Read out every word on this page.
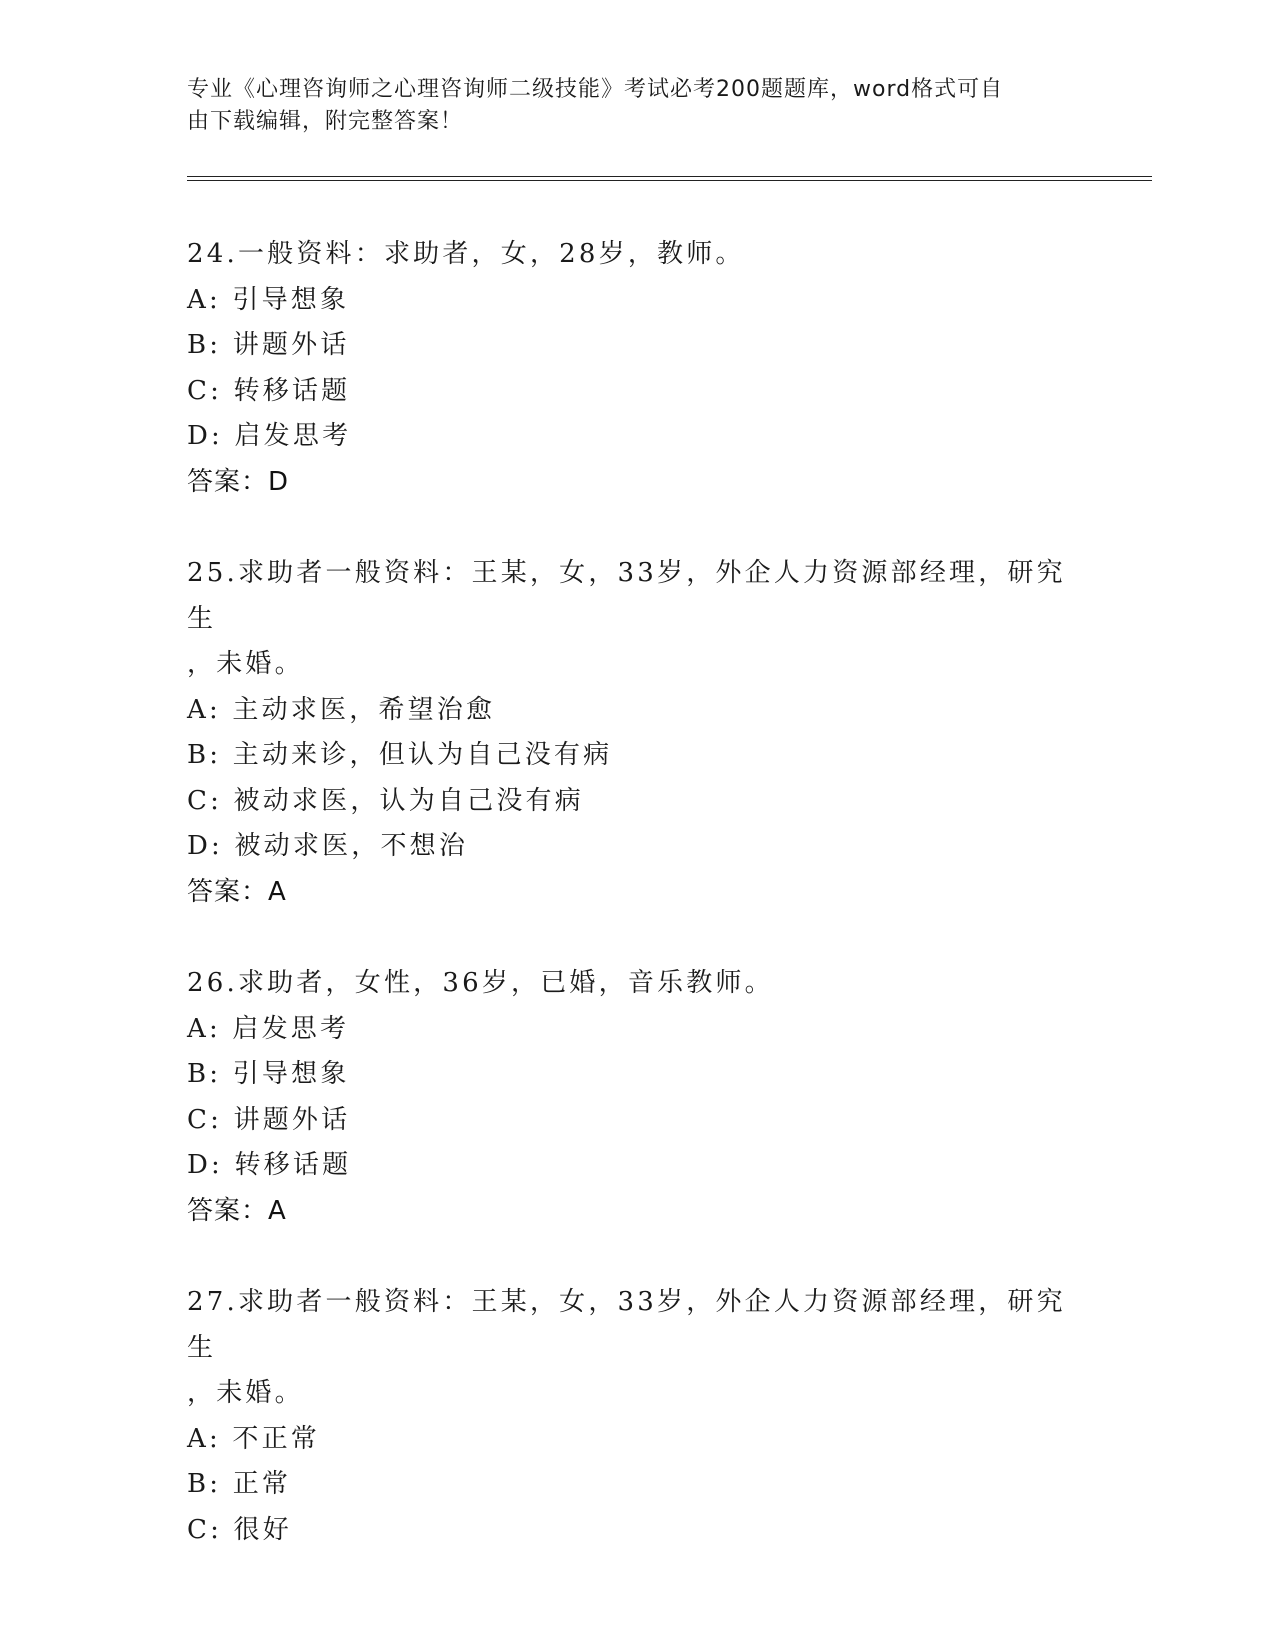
专业《心理咨询师之心理咨询师二级技能》考试必考200题题库，word格式可自
由下载编辑，附完整答案！
24.一般资料：求助者，女，28岁，教师。
A: 引导想象
B: 讲题外话
C: 转移话题
D: 启发思考
答案：D
25.求助者一般资料：王某，女，33岁，外企人力资源部经理，研究生
，未婚。
A: 主动求医，希望治愈
B: 主动来诊，但认为自己没有病
C: 被动求医，认为自己没有病
D: 被动求医，不想治
答案：A
26.求助者，女性，36岁，已婚，音乐教师。
A: 启发思考
B: 引导想象
C: 讲题外话
D: 转移话题
答案：A
27.求助者一般资料：王某，女，33岁，外企人力资源部经理，研究生
，未婚。
A: 不正常
B: 正常
C: 很好
